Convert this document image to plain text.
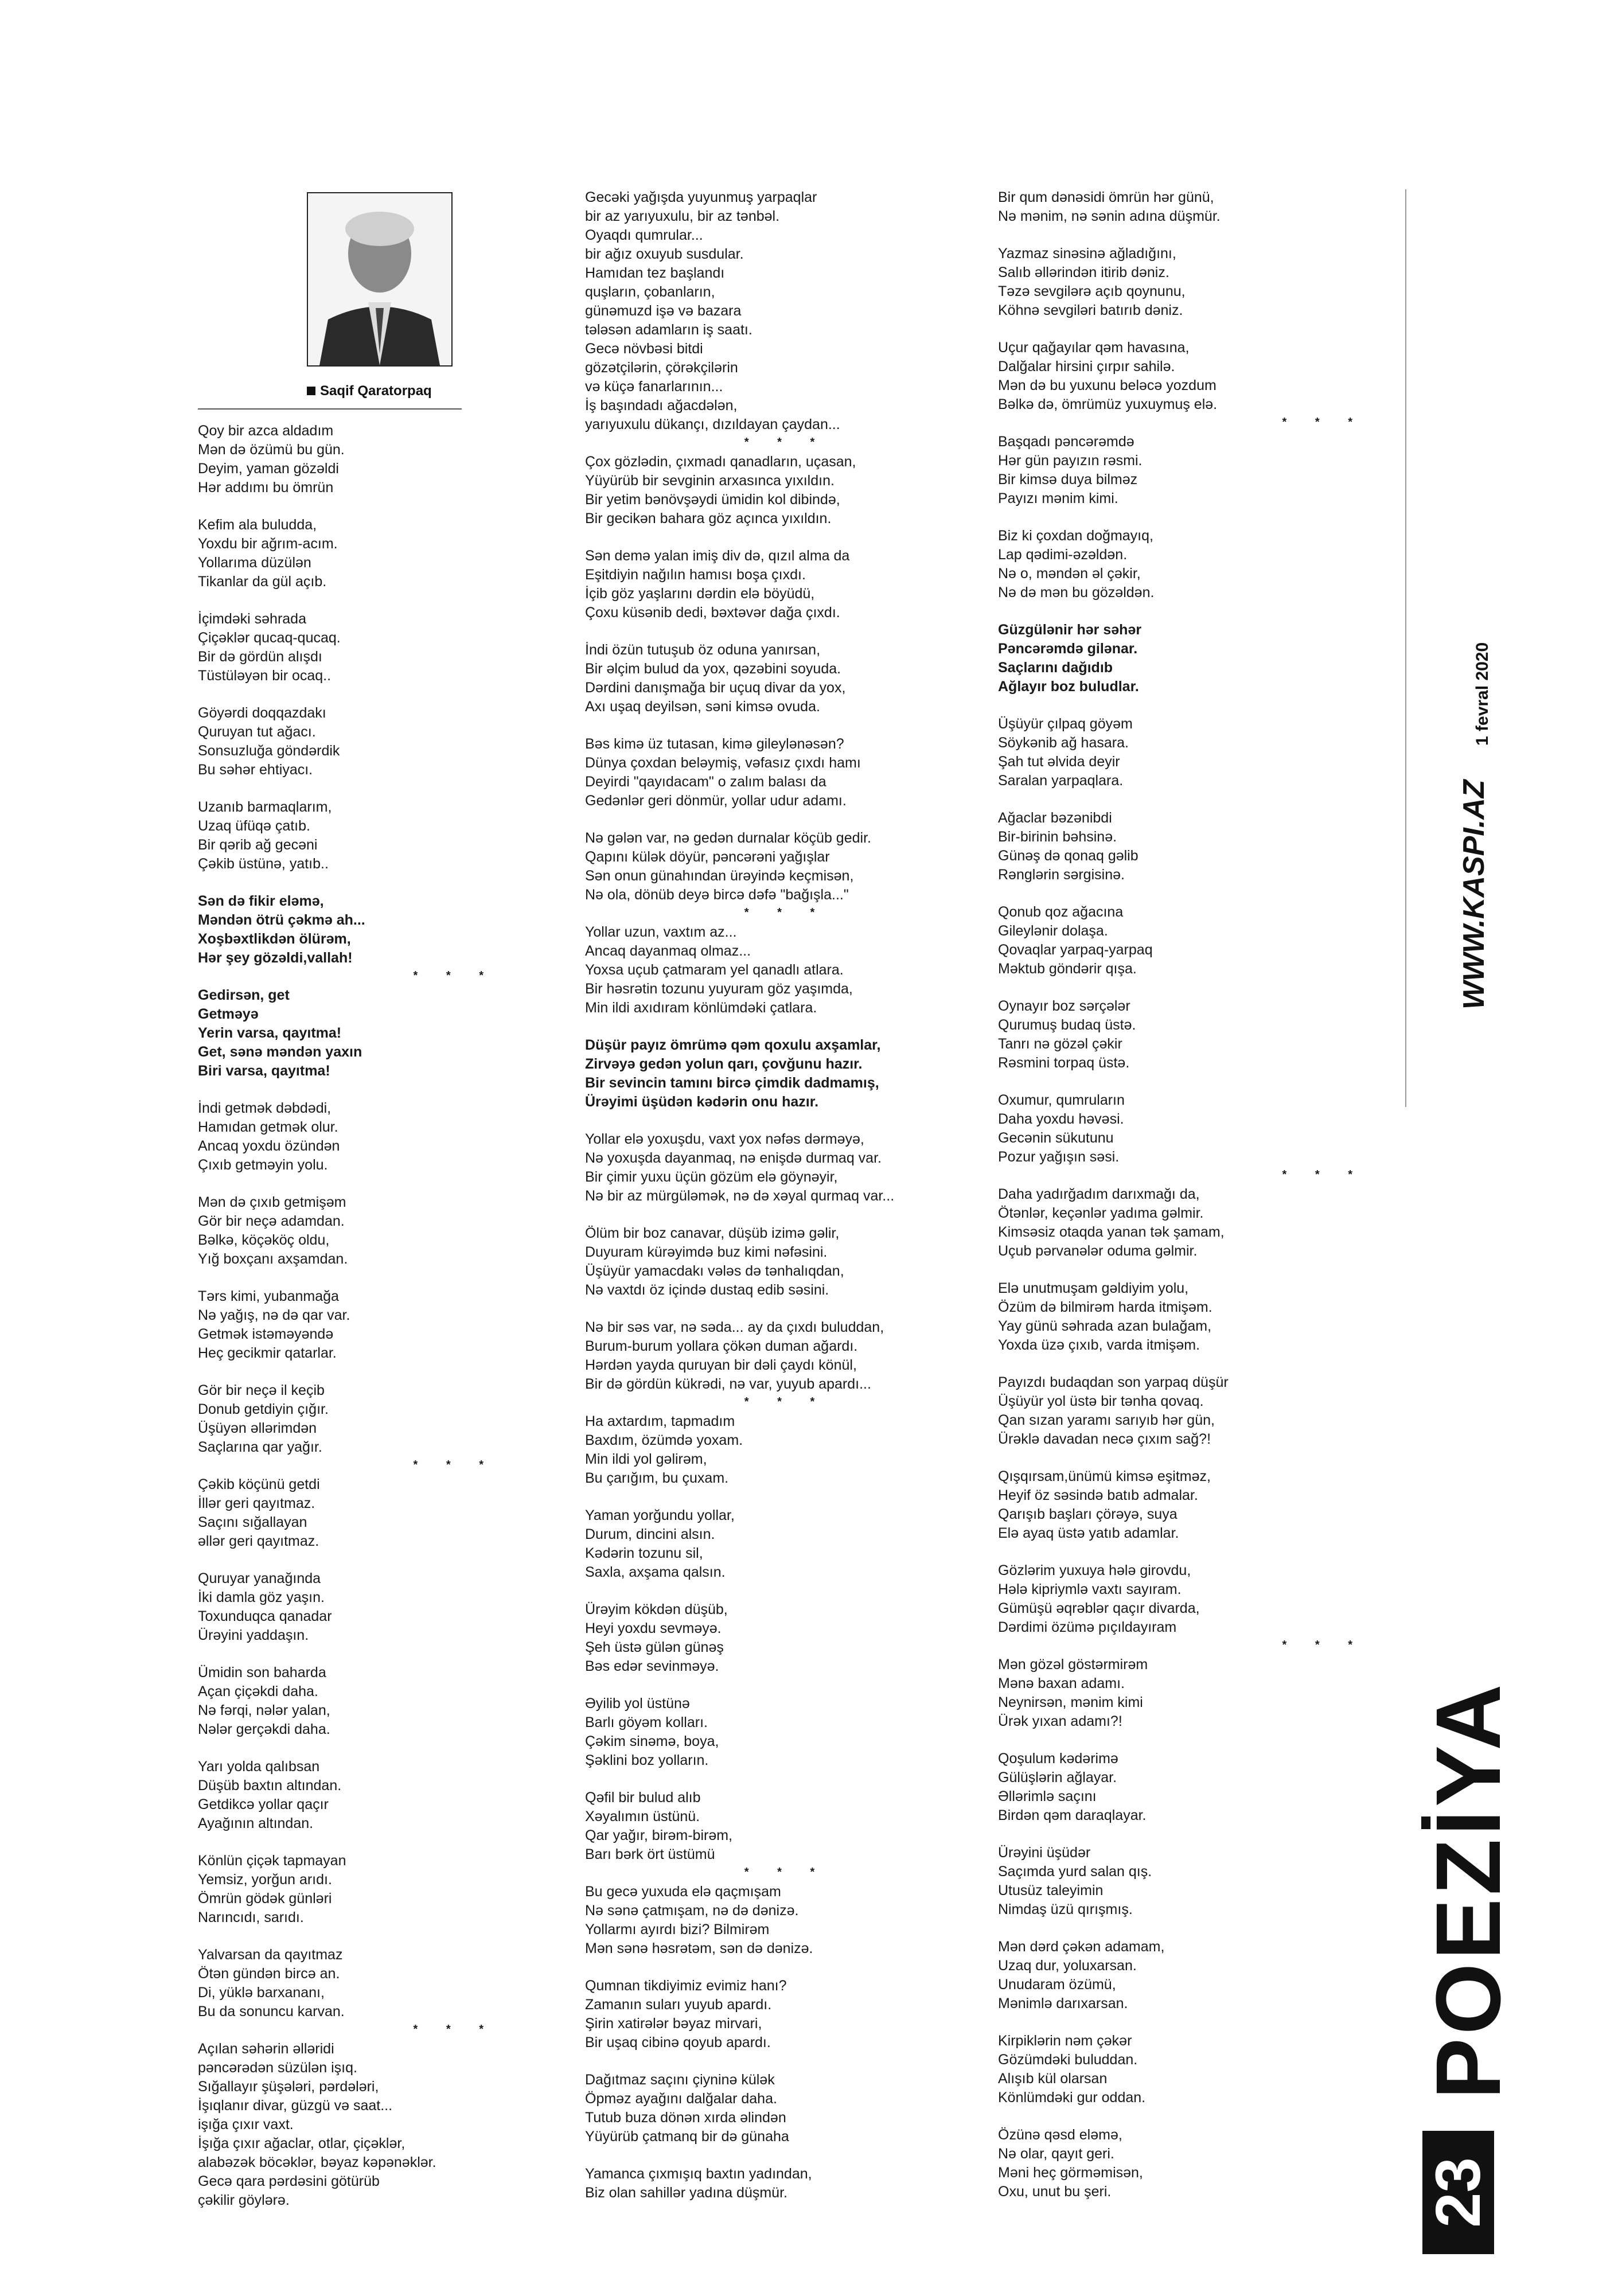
Saqif Qaratorpaq
Qoy bir azca aldadım
Mən də özümü bu gün.
Deyim, yaman gözəldi
Hər addımı bu ömrün
Kefim ala buludda,
Yoxdu bir ağrım-acım.
Yollarıma düzülən
Tikanlar da gül açıb.
İçimdəki səhrada
Çiçəklər qucaq-qucaq.
Bir də gördün alışdı
Tüstüləyən bir ocaq..
Göyərdi doqqazdakı
Quruyan tut ağacı.
Sonsuzluğa göndərdik
Bu səhər ehtiyacı.
Uzanıb barmaqlarım,
Uzaq üfüqə çatıb.
Bir qərib ağ gecəni
Çəkib üstünə, yatıb..
Sən də fikir eləmə,
Məndən ötrü çəkmə ah...
Xoşbəxtlikdən ölürəm,
Hər şey gözəldi,vallah!
* * *
Gedirsən, get
Getməyə
Yerin varsa, qayıtma!
Get, sənə məndən yaxın
Biri varsa, qayıtma!
İndi getmək dəbdədi,
Hamıdan getmək olur.
Ancaq yoxdu özündən
Çıxıb getməyin yolu.
Mən də çıxıb getmişəm
Gör bir neçə adamdan.
Bəlkə, köçəköç oldu,
Yığ boxçanı axşamdan.
Tərs kimi, yubanmağa
Nə yağış, nə də qar var.
Getmək istəməyəndə
Heç gecikmir qatarlar.
Gör bir neçə il keçib
Donub getdiyin çığır.
Üşüyən əllərimdən
Saçlarına qar yağır.
* * *
Çəkib köçünü getdi
İllər geri qayıtmaz.
Saçını sığallayan
əllər geri qayıtmaz.
Quruyar yanağında
İki damla göz yaşın.
Toxunduqca qanadar
Ürəyini yaddaşın.
Ümidin son baharda
Açan çiçəkdi daha.
Nə fərqi, nələr yalan,
Nələr gerçəkdi daha.
Yarı yolda qalıbsan
Düşüb baxtın altından.
Getdikcə yollar qaçır
Ayağının altından.
Könlün çiçək tapmayan
Yemsiz, yorğun arıdı.
Ömrün gödək günləri
Narıncıdı, sarıdı.
Yalvarsan da qayıtmaz
Ötən gündən bircə an.
Di, yüklə barxananı,
Bu da sonuncu karvan.
* * *
Açılan səhərin əlləridi
pəncərədən süzülən işıq.
Sığallayır şüşələri, pərdələri,
İşıqlanır divar, güzgü və saat...
işığa çıxır vaxt.
İşığa çıxır ağaclar, otlar, çiçəklər,
alabəzək böcəklər, bəyaz kəpənəklər.
Gecə qara pərdəsini götürüb
çəkilir göylərə.
Gecəki yağışda yuyunmuş yarpaqlar
bir az yarıyuxulu, bir az tənbəl.
Oyaqdı qumrular...
bir ağız oxuyub susdular.
Hamıdan tez başlandı
quşların, çobanların,
günəmuzd işə və bazara
tələsən adamların iş saatı.
Gecə növbəsi bitdi
gözətçilərin, çörəkçilərin
və küçə fanarlarının...
İş başındadı ağacdələn,
yarıyuxulu dükançı, dızıldayan çaydan...
* * *
Çox gözlədin, çıxmadı qanadların, uçasan,
Yüyürüb bir sevginin arxasınca yıxıldın.
Bir yetim bənövşəydi ümidin kol dibində,
Bir gecikən bahara göz açınca yıxıldın.
Sən demə yalan imiş div də, qızıl alma da
Eşitdiyin nağılın hamısı boşa çıxdı.
İçib göz yaşlarını dərdin elə böyüdü,
Çoxu küsənib dedi, bəxtəvər dağa çıxdı.
İndi özün tutuşub öz oduna yanırsan,
Bir əlçim bulud da yox, qəzəbini soyuda.
Dərdini danışmağa bir uçuq divar da yox,
Axı uşaq deyilsən, səni kimsə ovuda.
Bəs kimə üz tutasan, kimə gileylənəsən?
Dünya çoxdan beləymiş, vəfasız çıxdı hamı
Deyirdi "qayıdacam" o zalım balası da
Gedənlər geri dönmür, yollar udur adamı.
Nə gələn var, nə gedən durnalar köçüb gedir.
Qapını külək döyür, pəncərəni yağışlar
Sən onun günahından ürəyində keçmisən,
Nə ola, dönüb deyə bircə dəfə "bağışla..."
* * *
Yollar uzun, vaxtım az...
Ancaq dayanmaq olmaz...
Yoxsa uçub çatmaram yel qanadlı atlara.
Bir həsrətin tozunu yuyuram göz yaşımda,
Min ildi axıdıram könlümdəki çatlara.
Düşür payız ömrümə qəm qoxulu axşamlar,
Zirvəyə gedən yolun qarı, çovğunu hazır.
Bir sevincin tamını bircə çimdik dadmamış,
Ürəyimi üşüdən kədərin onu hazır.
Yollar elə yoxuşdu, vaxt yox nəfəs dərməyə,
Nə yoxuşda dayanmaq, nə enişdə durmaq var.
Bir çimir yuxu üçün gözüm elə göynəyir,
Nə bir az mürgüləmək, nə də xəyal qurmaq var...
Ölüm bir boz canavar, düşüb izimə gəlir,
Duyuram kürəyimdə buz kimi nəfəsini.
Üşüyür yamacdakı vələs də tənhalıqdan,
Nə vaxtdı öz içində dustaq edib səsini.
Nə bir səs var, nə səda... ay da çıxdı buluddan,
Burum-burum yollara çökən duman ağardı.
Hərdən yayda quruyan bir dəli çaydı könül,
Bir də gördün kükrədi, nə var, yuyub apardı...
* * *
Ha axtardım, tapmadım
Baxdım, özümdə yoxam.
Min ildi yol gəlirəm,
Bu çarığım, bu çuxam.
Yaman yorğundu yollar,
Durum, dincini alsın.
Kədərin tozunu sil,
Saxla, axşama qalsın.
Ürəyim kökdən düşüb,
Heyi yoxdu sevməyə.
Şeh üstə gülən günəş
Bəs edər sevinməyə.
Əyilib yol üstünə
Barlı göyəm kolları.
Çəkim sinəmə, boya,
Şəklini boz yolların.
Qəfil bir bulud alıb
Xəyalımın üstünü.
Qar yağır, birəm-birəm,
Barı bərk ört üstümü
* * *
Bu gecə yuxuda elə qaçmışam
Nə sənə çatmışam, nə də dənizə.
Yollarmı ayırdı bizi? Bilmirəm
Mən sənə həsrətəm, sən də dənizə.
Qumnan tikdiyimiz evimiz hanı?
Zamanın suları yuyub apardı.
Şirin xatirələr bəyaz mirvari,
Bir uşaq cibinə qoyub apardı.
Dağıtmaz saçını çiyninə külək
Öpməz ayağını dalğalar daha.
Tutub buza dönən xırda əlindən
Yüyürüb çatmanq bir də günaha
Yamanca çıxmışıq baxtın yadından,
Biz olan sahillər yadına düşmür.
Bir qum dənəsidi ömrün hər günü,
Nə mənim, nə sənin adına düşmür.
Yazmaz sinəsinə ağladığını,
Salıb əllərindən itirib dəniz.
Təzə sevgilərə açıb qoynunu,
Köhnə sevgiləri batırıb dəniz.
Uçur qağayılar qəm havasına,
Dalğalar hirsini çırpır sahilə.
Mən də bu yuxunu beləcə yozdum
Bəlkə də, ömrümüz yuxuymuş elə.
* * *
Başqadı pəncərəmdə
Hər gün payızın rəsmi.
Bir kimsə duya bilməz
Payızı mənim kimi.
Biz ki çoxdan doğmayıq,
Lap qədimi-əzəldən.
Nə o, məndən əl çəkir,
Nə də mən bu gözəldən.
Güzgülənir hər səhər
Pəncərəmdə gilənar.
Saçlarını dağıdıb
Ağlayır boz buludlar.
Üşüyür çılpaq göyəm
Söykənib ağ hasara.
Şah tut əlvida deyir
Saralan yarpaqlara.
Ağaclar bəzənibdi
Bir-birinin bəhsinə.
Günəş də qonaq gəlib
Rənglərin sərgisinə.
Qonub qoz ağacına
Gileylənir dolaşa.
Qovaqlar yarpaq-yarpaq
Məktub göndərir qışa.
Oynayır boz sərçələr
Qurumuş budaq üstə.
Tanrı nə gözəl çəkir
Rəsmini torpaq üstə.
Oxumur, qumruların
Daha yoxdu həvəsi.
Gecənin sükutunu
Pozur yağışın səsi.
* * *
Daha yadırğadım darıxmağı da,
Ötənlər, keçənlər yadıma gəlmir.
Kimsəsiz otaqda yanan tək şamam,
Uçub pərvanələr oduma gəlmir.
Elə unutmuşam gəldiyim yolu,
Özüm də bilmirəm harda itmişəm.
Yay günü səhrada azan bulağam,
Yoxda üzə çıxıb, varda itmişəm.
Payızdı budaqdan son yarpaq düşür
Üşüyür yol üstə bir tənha qovaq.
Qan sızan yaramı sarıyıb hər gün,
Ürəklə davadan necə çıxım sağ?!
Qışqırsam,ünümü kimsə eşitməz,
Heyif öz səsində batıb admalar.
Qarışıb başları çörəyə, suya
Elə ayaq üstə yatıb adamlar.
Gözlərim yuxuya hələ girovdu,
Hələ kipriymlə vaxtı sayıram.
Gümüşü əqrəblər qaçır divarda,
Dərdimi özümə pıçıldayıram
* * *
Mən gözəl göstərmirəm
Mənə baxan adamı.
Neynirsən, mənim kimi
Ürək yıxan adamı?!
Qoşulum kədərimə
Gülüşlərin ağlayar.
Əllərimlə saçını
Birdən qəm daraqlayar.
Ürəyini üşüdər
Saçımda yurd salan qış.
Utusüz taleyimin
Nimdaş üzü qırışmış.
Mən dərd çəkən adamam,
Uzaq dur, yoluxarsan.
Unudaram özümü,
Mənimlə darıxarsan.
Kirpiklərin nəm çəkər
Gözümdəki buluddan.
Alışıb kül olarsan
Könlümdəki gur oddan.
Özünə qəsd eləmə,
Nə olar, qayıt geri.
Məni heç görməmisən,
Oxu, unut bu şeri.
1 fevral 2020
WWW.KASPI.AZ
POEZİYA
23
